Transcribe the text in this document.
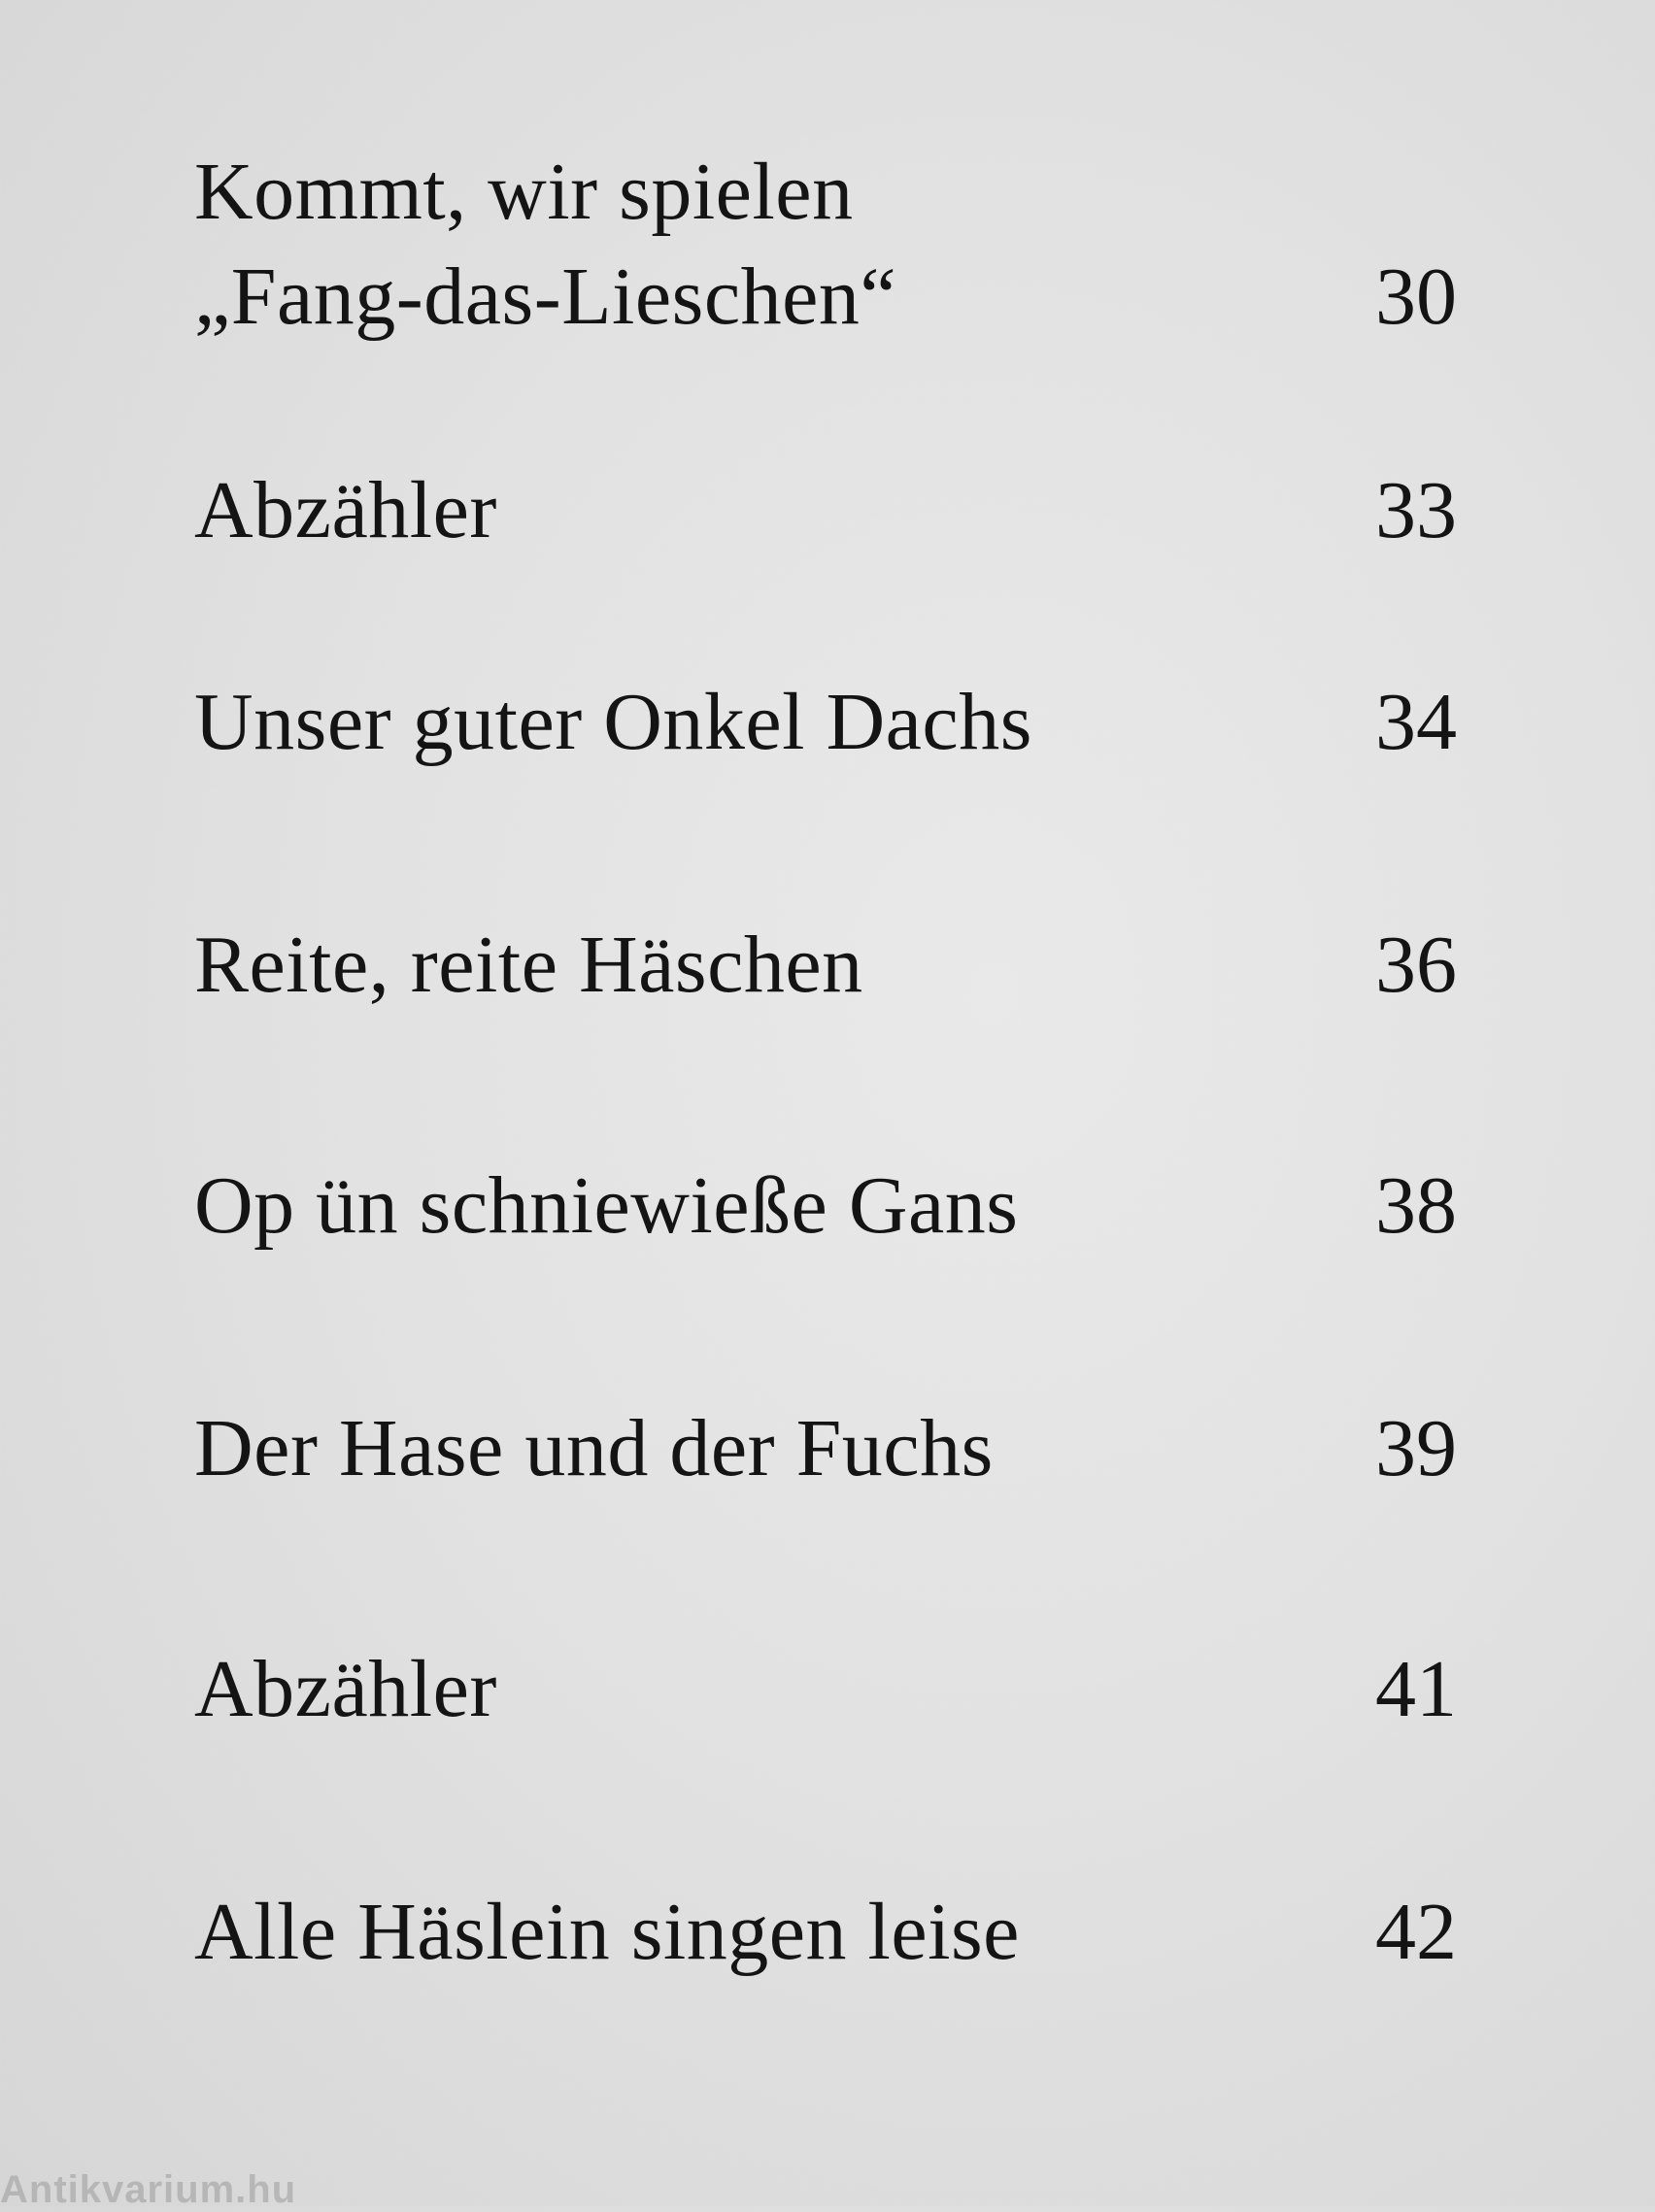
Kommt, wir spielen
„Fang-das-Lieschen“	30
Abzähler	33
Unser guter Onkel Dachs	34
Reite, reite Häschen	36
Op ün schniewieße Gans	38
Der Hase und der Fuchs	39
Abzähler	41
Alle Häslein singen leise	42
Antikvarium.hu
